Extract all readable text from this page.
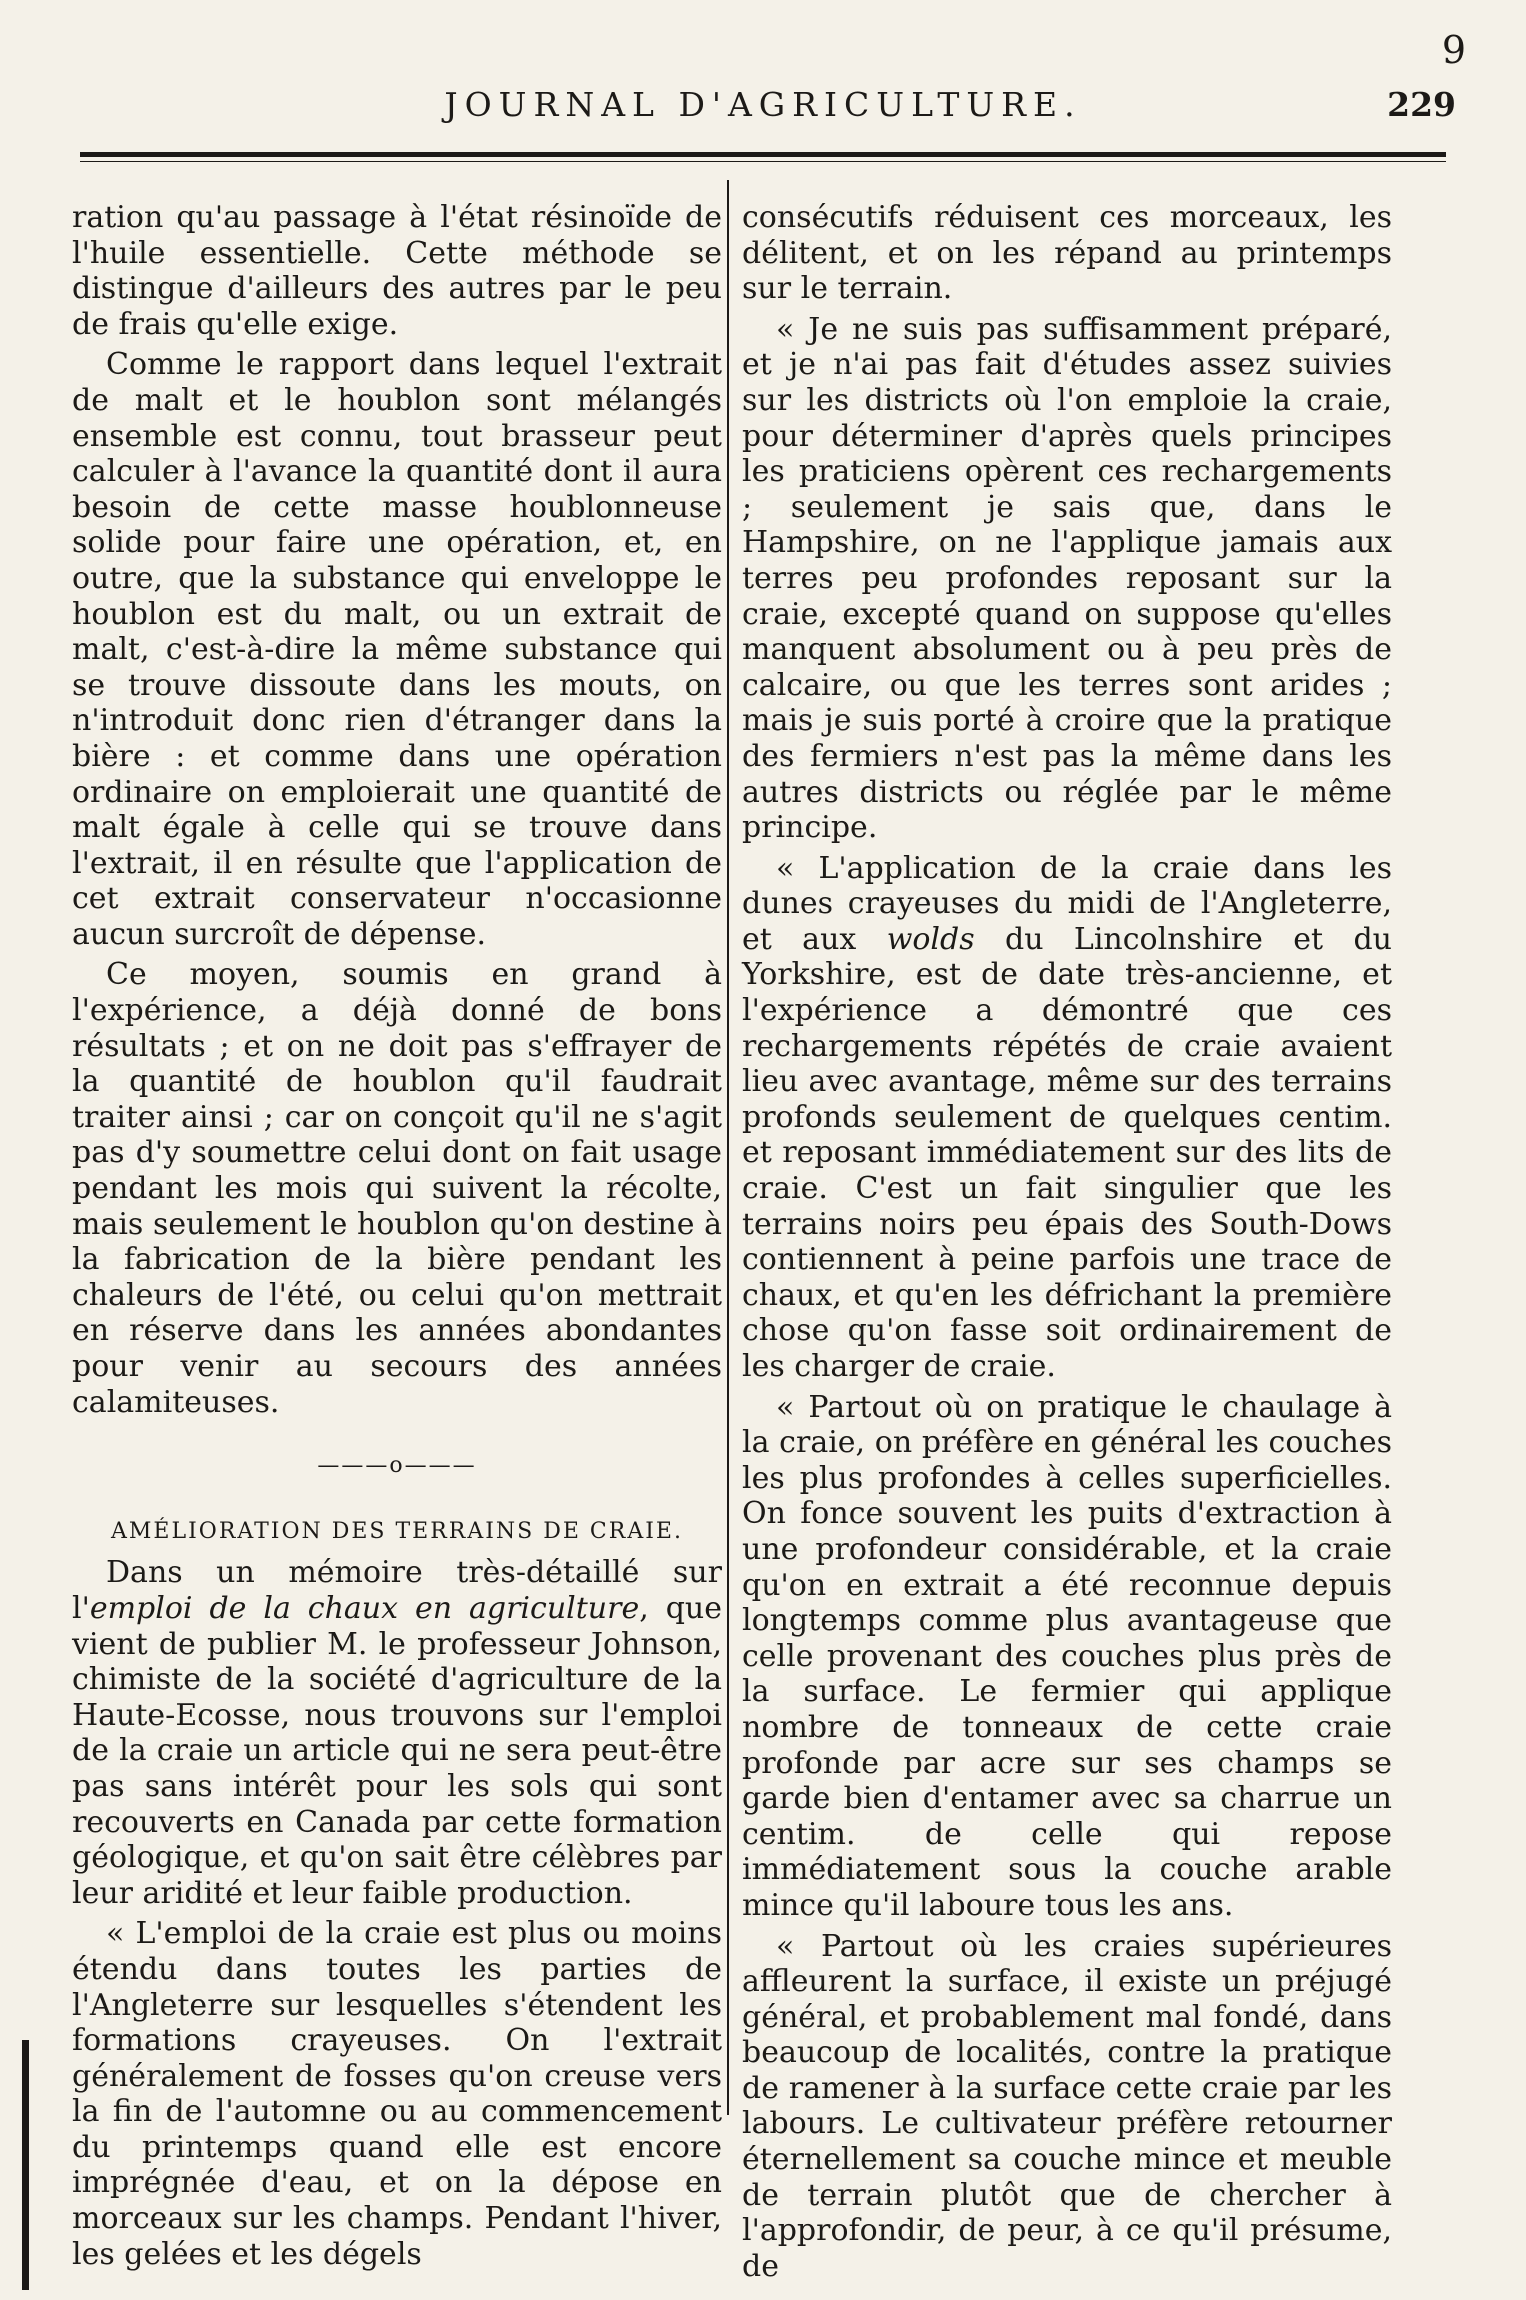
9
JOURNAL D'AGRICULTURE.	229

ration qu'au passage à l'état résinoïde de l'huile essentielle. Cette méthode se distingue d'ailleurs des autres par le peu de frais qu'elle exige.

Comme le rapport dans lequel l'extrait de malt et le houblon sont mélangés ensemble est connu, tout brasseur peut calculer à l'avance la quantité dont il aura besoin de cette masse houblonneuse solide pour faire une opération, et, en outre, que la substance qui enveloppe le houblon est du malt, ou un extrait de malt, c'est-à-dire la même substance qui se trouve dissoute dans les mouts, on n'introduit donc rien d'étranger dans la bière : et comme dans une opération ordinaire on emploierait une quantité de malt égale à celle qui se trouve dans l'extrait, il en résulte que l'application de cet extrait conservateur n'occasionne aucun surcroît de dépense.

Ce moyen, soumis en grand à l'expérience, a déjà donné de bons résultats ; et on ne doit pas s'effrayer de la quantité de houblon qu'il faudrait traiter ainsi ; car on conçoit qu'il ne s'agit pas d'y soumettre celui dont on fait usage pendant les mois qui suivent la récolte, mais seulement le houblon qu'on destine à la fabrication de la bière pendant les chaleurs de l'été, ou celui qu'on mettrait en réserve dans les années abondantes pour venir au secours des années calamiteuses.

———o———
AMÉLIORATION DES TERRAINS DE CRAIE.

Dans un mémoire très-détaillé sur l'emploi de la chaux en agriculture, que vient de publier M. le professeur Johnson, chimiste de la société d'agriculture de la Haute-Ecosse, nous trouvons sur l'emploi de la craie un article qui ne sera peut-être pas sans intérêt pour les sols qui sont recouverts en Canada par cette formation géologique, et qu'on sait être célèbres par leur aridité et leur faible production.

« L'emploi de la craie est plus ou moins étendu dans toutes les parties de l'Angleterre sur lesquelles s'étendent les formations crayeuses. On l'extrait généralement de fosses qu'on creuse vers la fin de l'automne ou au commencement du printemps quand elle est encore imprégnée d'eau, et on la dépose en morceaux sur les champs. Pendant l'hiver, les gelées et les dégels

consécutifs réduisent ces morceaux, les délitent, et on les répand au printemps sur le terrain.

« Je ne suis pas suffisamment préparé, et je n'ai pas fait d'études assez suivies sur les districts où l'on emploie la craie, pour déterminer d'après quels principes les praticiens opèrent ces rechargements ; seulement je sais que, dans le Hampshire, on ne l'applique jamais aux terres peu profondes reposant sur la craie, excepté quand on suppose qu'elles manquent absolument ou à peu près de calcaire, ou que les terres sont arides ; mais je suis porté à croire que la pratique des fermiers n'est pas la même dans les autres districts ou réglée par le même principe.

« L'application de la craie dans les dunes crayeuses du midi de l'Angleterre, et aux wolds du Lincolnshire et du Yorkshire, est de date très-ancienne, et l'expérience a démontré que ces rechargements répétés de craie avaient lieu avec avantage, même sur des terrains profonds seulement de quelques centim. et reposant immédiatement sur des lits de craie. C'est un fait singulier que les terrains noirs peu épais des South-Dows contiennent à peine parfois une trace de chaux, et qu'en les défrichant la première chose qu'on fasse soit ordinairement de les charger de craie.

« Partout où on pratique le chaulage à la craie, on préfère en général les couches les plus profondes à celles superficielles. On fonce souvent les puits d'extraction à une profondeur considérable, et la craie qu'on en extrait a été reconnue depuis longtemps comme plus avantageuse que celle provenant des couches plus près de la surface. Le fermier qui applique nombre de tonneaux de cette craie profonde par acre sur ses champs se garde bien d'entamer avec sa charrue un centim. de celle qui repose immédiatement sous la couche arable mince qu'il laboure tous les ans.

« Partout où les craies supérieures affleurent la surface, il existe un préjugé général, et probablement mal fondé, dans beaucoup de localités, contre la pratique de ramener à la surface cette craie par les labours. Le cultivateur préfère retourner éternellement sa couche mince et meuble de terrain plutôt que de chercher à l'approfondir, de peur, à ce qu'il présume, de
